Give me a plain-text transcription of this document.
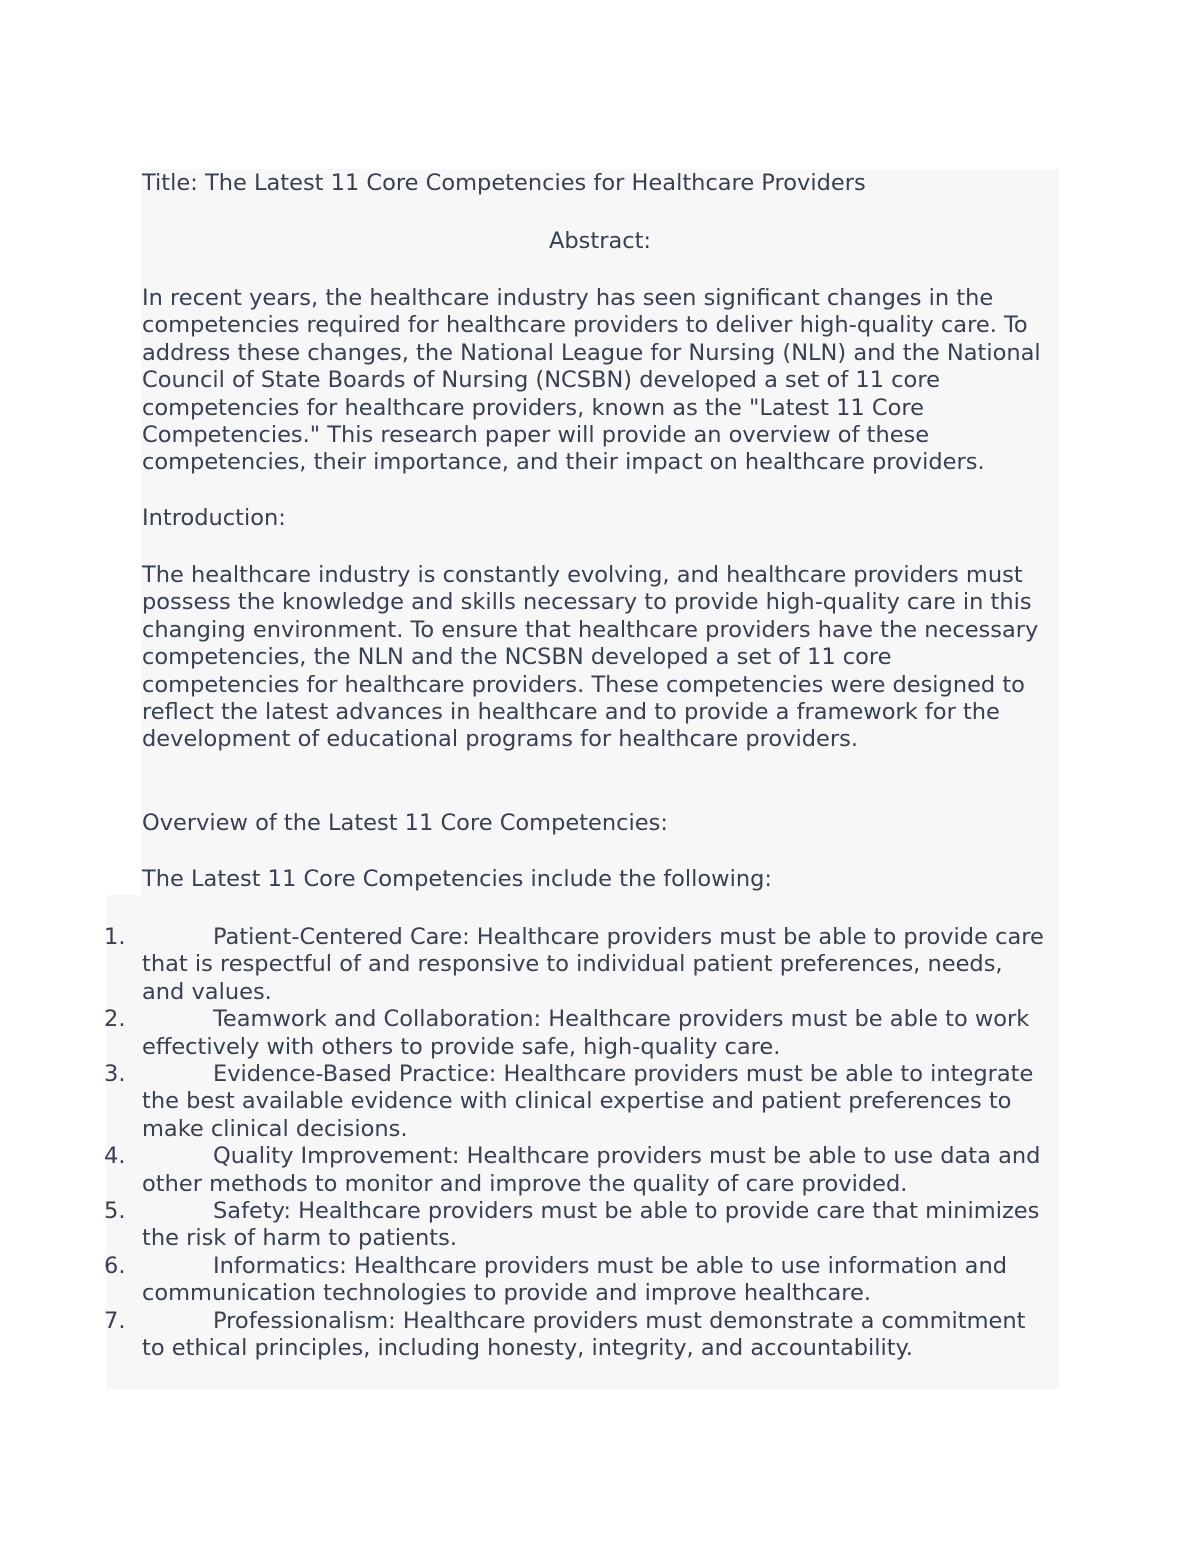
Title: The Latest 11 Core Competencies for Healthcare Providers

Abstract:

In recent years, the healthcare industry has seen significant changes in the competencies required for healthcare providers to deliver high-quality care. To address these changes, the National League for Nursing (NLN) and the National Council of State Boards of Nursing (NCSBN) developed a set of 11 core competencies for healthcare providers, known as the "Latest 11 Core Competencies." This research paper will provide an overview of these competencies, their importance, and their impact on healthcare providers.

Introduction:

The healthcare industry is constantly evolving, and healthcare providers must possess the knowledge and skills necessary to provide high-quality care in this changing environment. To ensure that healthcare providers have the necessary competencies, the NLN and the NCSBN developed a set of 11 core competencies for healthcare providers. These competencies were designed to reflect the latest advances in healthcare and to provide a framework for the development of educational programs for healthcare providers.

Overview of the Latest 11 Core Competencies:

The Latest 11 Core Competencies include the following:

1.	Patient-Centered Care: Healthcare providers must be able to provide care that is respectful of and responsive to individual patient preferences, needs, and values.
2.	Teamwork and Collaboration: Healthcare providers must be able to work effectively with others to provide safe, high-quality care.
3.	Evidence-Based Practice: Healthcare providers must be able to integrate the best available evidence with clinical expertise and patient preferences to make clinical decisions.
4.	Quality Improvement: Healthcare providers must be able to use data and other methods to monitor and improve the quality of care provided.
5.	Safety: Healthcare providers must be able to provide care that minimizes the risk of harm to patients.
6.	Informatics: Healthcare providers must be able to use information and communication technologies to provide and improve healthcare.
7.	Professionalism: Healthcare providers must demonstrate a commitment to ethical principles, including honesty, integrity, and accountability.
